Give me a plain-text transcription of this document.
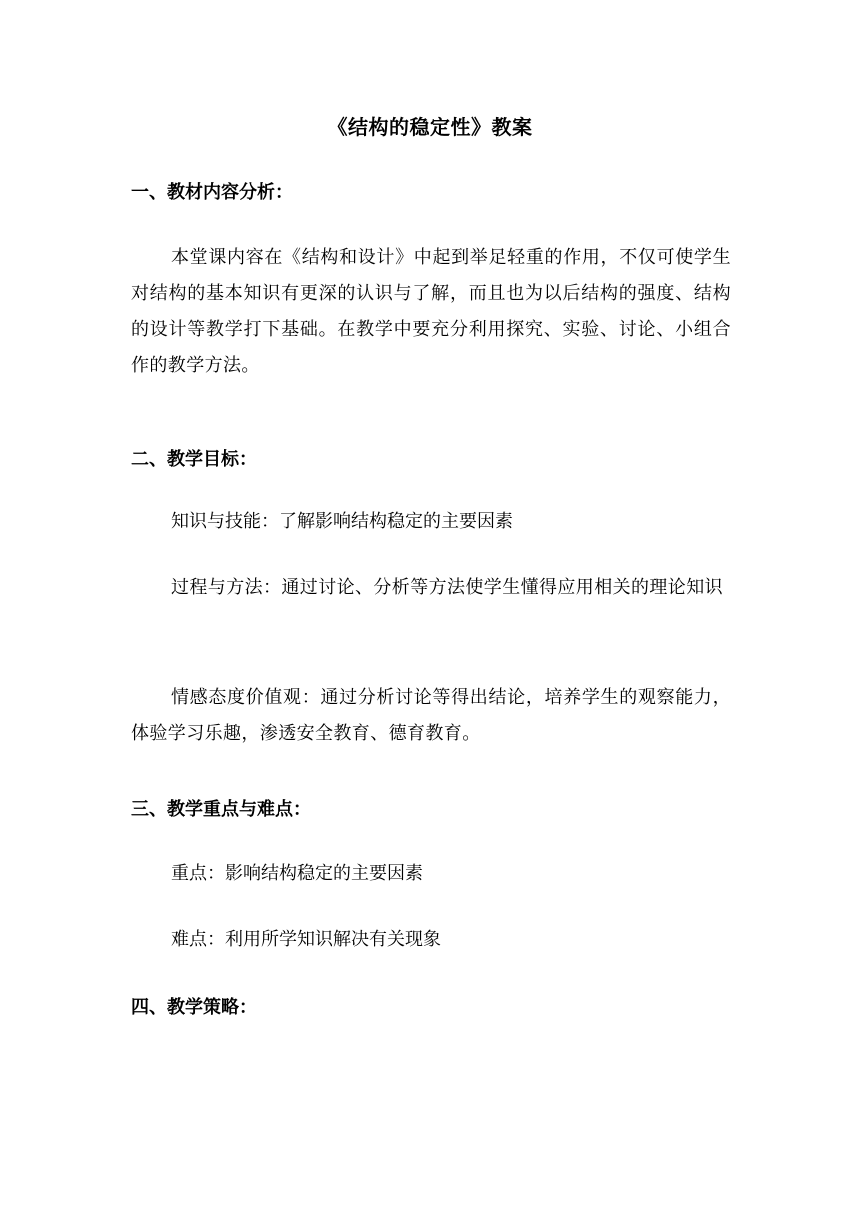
《结构的稳定性》教案
一、教材内容分析：
本堂课内容在《结构和设计》中起到举足轻重的作用，不仅可使学生对结构的基本知识有更深的认识与了解，而且也为以后结构的强度、结构的设计等教学打下基础。在教学中要充分利用探究、实验、讨论、小组合作的教学方法。
二、教学目标：
知识与技能：了解影响结构稳定的主要因素
过程与方法：通过讨论、分析等方法使学生懂得应用相关的理论知识
情感态度价值观：通过分析讨论等得出结论，培养学生的观察能力，体验学习乐趣，渗透安全教育、德育教育。
三、教学重点与难点：
重点：影响结构稳定的主要因素
难点：利用所学知识解决有关现象
四、教学策略：
